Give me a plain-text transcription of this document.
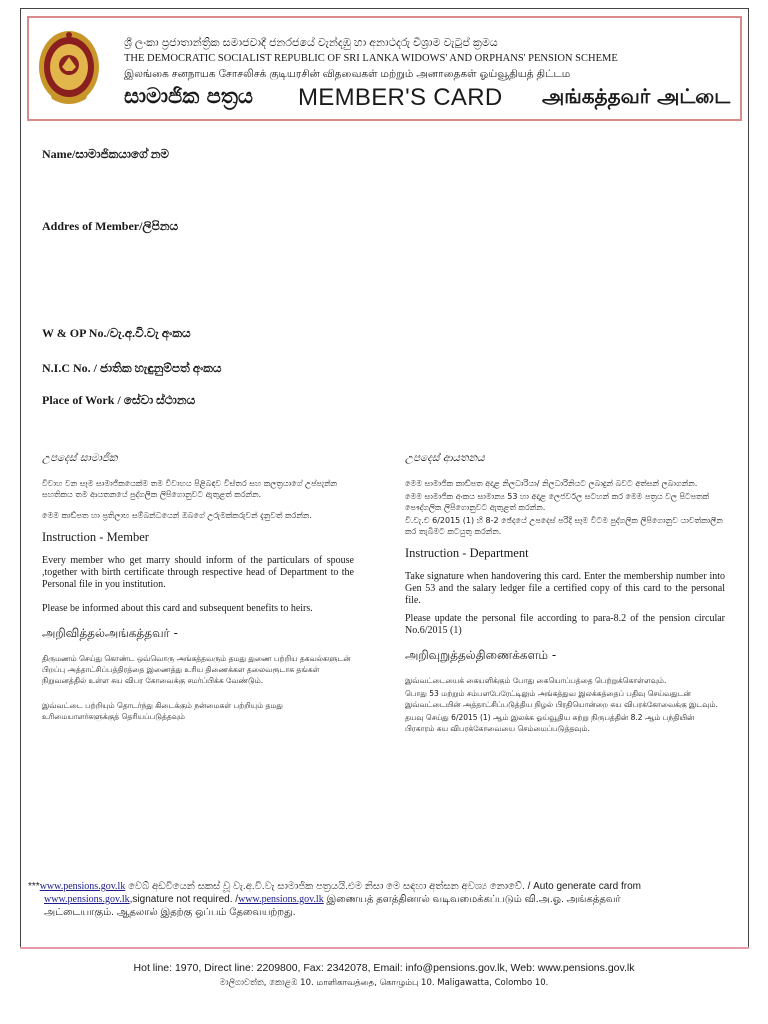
ශ්‍රී ලංකා ප්‍රජාතාන්ත්‍රික සමාජවාදී ජනරජයේ වැන්දඹු හා අනාථදරු විශ්‍රාම වැටුප් ක්‍රමය
THE DEMOCRATIC SOCIALIST REPUBLIC OF SRI LANKA WIDOWS' AND ORPHANS' PENSION SCHEME
இலங்கை சனநாயக சோசலிசக் குடியரசின் விதவைகள் மற்றும் அனாதைகள் ஓய்வூதியத் திட்டம
සාමාජික පත්‍රය MEMBER'S CARD அங்கத்தவர் அட்டை
Name/සාමාජිකයාගේ නම
Addres of Member/ලිපිනය
W & OP No./වැ.අ.වි.වැ අංකය
N.I.C No. / ජාතික හැඳුනුම්පත් අංකය
Place of Work / සේවා ස්ථානය
උපදෙස් සාමාජික
විවාහ වන සෑම සාමාජිකයෙක්ම තම විවාහය පිළිබඳව විස්තර සහ කලත්‍රයාගේ උප්පැන්න සහතිකය තම ආයතනයේ පුද්ගලික ලිපිගොනුවට ඇතුළත් කරන්න.
මෙම කාඩ්පත හා ප්‍රතිලාභ සම්බන්ධයෙන් ඔබගේ උරුමක්කරුවන් දැනුවත් කරන්න.
Instruction - Member
Every member who get marry should inform of the particulars of spouse ,together with birth certificate through respective head of Department to the Personal file in you institution.
Please be informed about this card and subsequent benefits to heirs.
அறிவித்தல்அங்கத்தவர் -
திருமணம் செய்து கொண்ட ஒவ்வொரு அங்கத்தவரும் தமது துணை பற்றிய தகவல்களுடன் பிறப்பு அத்தாட்சிப்பத்திரத்தை இணைத்து உரிய திணைக்கள தலைவரூடாக தங்கள் நிறுவனத்தில் உள்ள சுய விபர கோவைக்கு சமர்ப்பிக்க வேண்டும்.
இவ்வட்டை பற்றியும் தொடர்ந்து கிடைக்கும் நன்மைகள் பற்றியும் தமது உரிமையாளர்களுக்குத் தெரியப்படுத்தவும்
උපදෙස් ආයතනය
මෙම සාමාජික කාඩ්පත අදාළ නිලධාරියා/ නිලධාරිනියට ලබාදුන් බවට අත්සන් ලබාගන්න.
මෙම සාමාජික අංකය සාමාන්‍ය 53 හා අදාළ ලෙජර්වල සටහන් කර මෙම පත්‍රය වල පිටපතක් පෞද්ගලික ලිපිගොනුවට ඇතුළත් කරන්න.
වි.වැ.ච 6/2015 (1) හි 8-2 ඡේදයේ උපදෙස් පරිදි සෑම විටම පුද්ගලික ලිපිගොනුව යාවත්කාලීන කර තැබීමට කටයුතු කරන්න.
Instruction - Department
Take signature when handovering this card. Enter the membership number into Gen 53 and the salary ledger file a certified copy of this card to the personal file.
Please update the personal file according to para-8.2 of the pension circular No.6/2015 (1)
அறிவுறுத்தல்திணைக்களம் -
இவ்வட்டையைக் கையளிக்கும் போது கையொப்பத்தை பெற்றுக்கொள்ளவும்.
பொது 53 மற்றும் சம்பளபேரேட்டிலும் அங்கத்துவ இலக்கத்தைப் பதிவு செய்வதுடன் இவ்வட்டையின் அத்தாட்சிப்படுத்திய நிழல் பிரதியொன்றை சுய விபரக்கோவைக்கு இடவும்.
தயவு செய்து 6/2015 (1) ஆம் இலக்க ஓய்வூதிய சுற்று நிருபத்தின் 8.2 ஆம் பந்தியின் பிரகாரம் சுய விபரக்கோவையை செம்மைப்படுத்தவும்.
***www.pensions.gov.lk වෙබ් අඩවියෙන් සකස් වූ වැ.අ.වි.වැ සාමාජික පත්‍රයයි.එම නිසා මෙ සඳහා අත්සන අවශ්‍ය නොවේ. / Auto generate card from
www.pensions.gov.lk,signature not required. /www.pensions.gov.lk இணையத் தளத்தினால் வடிவமைக்கப்படும் வி.அ.ஓ. அங்கத்தவர்
அட்டையாகும். ஆதலால் இதற்கு ஒப்பம் தேவையற்றது.
Hot line: 1970, Direct line: 2209800, Fax: 2342078, Email: info@pensions.gov.lk, Web: www.pensions.gov.lk
මාලිගාවත්ත, කොළඹ 10. மாளிகாவத்தை, கொழும்பு 10. Maligawatta, Colombo 10.
